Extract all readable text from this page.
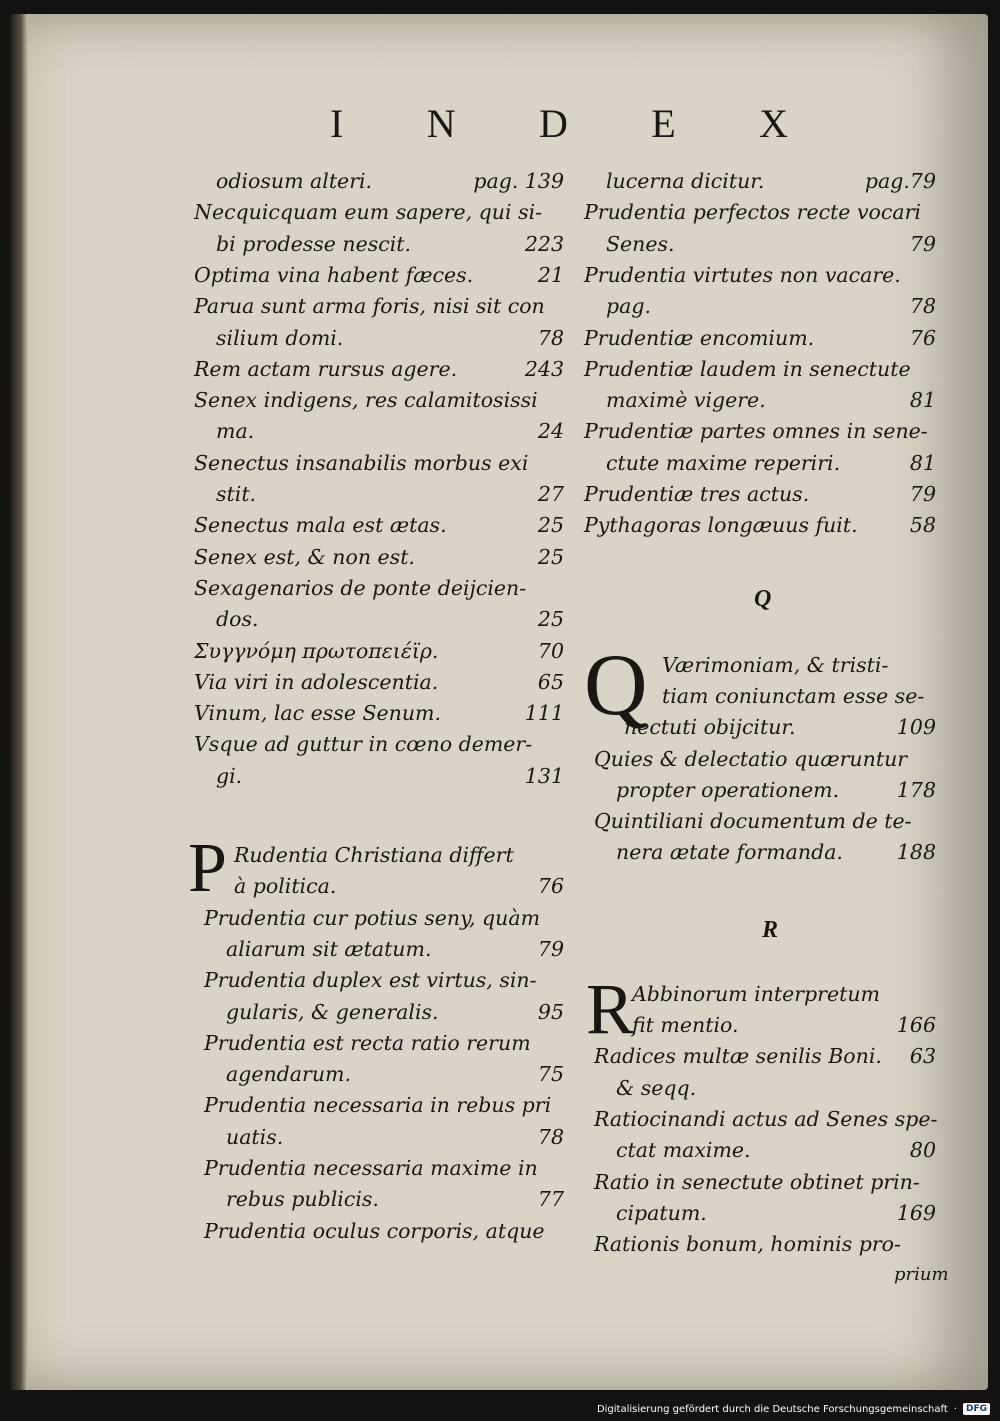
I N D E X
odiosum alteri.	pag. 139
Necquicquam eum sapere, qui si-
bi prodesse nescit.	223
Optima vina habent fæces.	21
Parua sunt arma foris, nisi sit con
silium domi.	78
Rem actam rursus agere.	243
Senex indigens, res calamitosissi
ma.	24
Senectus insanabilis morbus exi
stit.	27
Senectus mala est ætas.	25
Senex est, & non est.	25
Sexagenarios de ponte deijcien-
dos.	25
Συγγνόμη πρωτοπειέϊρ.	70
Via viri in adolescentia.	65
Vinum, lac esse Senum.	111
Vsque ad guttur in cœno demer-
gi.	131
P Rudentia Christiana differt
à politica.	76
Prudentia cur potius seny, quàm
aliarum sit ætatum.	79
Prudentia duplex est virtus, sin-
gularis, & generalis.	95
Prudentia est recta ratio rerum
agendarum.	75
Prudentia necessaria in rebus pri
uatis.	78
Prudentia necessaria maxime in
rebus publicis.	77
Prudentia oculus corporis, atque
lucerna dicitur.	pag.79
Prudentia perfectos recte vocari
Senes.	79
Prudentia virtutes non vacare.
pag.	78
Prudentiæ encomium.	76
Prudentiæ laudem in senectute
maximè vigere.	81
Prudentiæ partes omnes in sene-
ctute maxime reperiri.	81
Prudentiæ tres actus.	79
Pythagoras longæuus fuit.	58
Q
Q Værimoniam, & tristi-
tiam coniunctam esse se-
nectuti obijcitur.	109
Quies & delectatio quæruntur
propter operationem.	178
Quintiliani documentum de te-
nera ætate formanda.	188
R
R
Abbinorum interpretum
fit mentio.	166
Radices multæ senilis Boni. 63
& seqq.
Ratiocinandi actus ad Senes spe-
ctat maxime.	80
Ratio in senectute obtinet prin-
cipatum.	169
Rationis bonum, hominis pro-
prium
Digitalisierung gefördert durch die Deutsche Forschungsgemeinschaft ·	DFG
